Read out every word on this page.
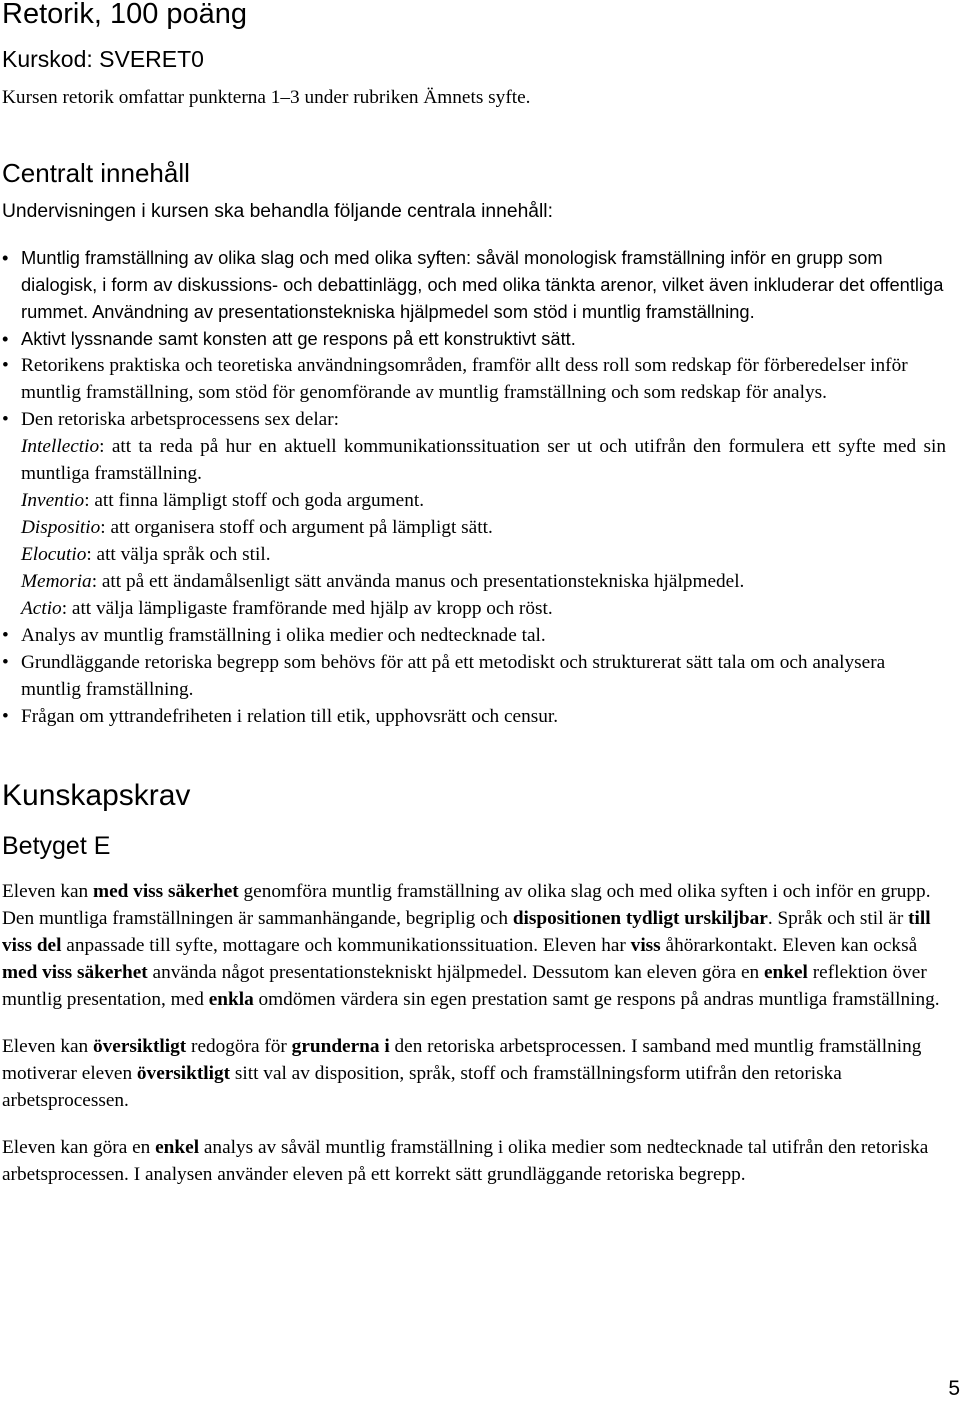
Retorik, 100 poäng
Kurskod: SVERET0

Kursen retorik omfattar punkterna 1–3 under rubriken Ämnets syfte.

Centralt innehåll

Undervisningen i kursen ska behandla följande centrala innehåll:

• Muntlig framställning av olika slag och med olika syften: såväl monologisk framställning inför en grupp som dialogisk, i form av diskussions- och debattinlägg, och med olika tänkta arenor, vilket även inkluderar det offentliga rummet. Användning av presentationstekniska hjälpmedel som stöd i muntlig framställning.
• Aktivt lyssnande samt konsten att ge respons på ett konstruktivt sätt.
• Retorikens praktiska och teoretiska användningsområden, framför allt dess roll som redskap för förberedelser inför muntlig framställning, som stöd för genomförande av muntlig framställning och som redskap för analys.
• Den retoriska arbetsprocessens sex delar:
Intellectio: att ta reda på hur en aktuell kommunikationssituation ser ut och utifrån den formulera ett syfte med sin muntliga framställning.
Inventio: att finna lämpligt stoff och goda argument.
Dispositio: att organisera stoff och argument på lämpligt sätt.
Elocutio: att välja språk och stil.
Memoria: att på ett ändamålsenligt sätt använda manus och presentationstekniska hjälpmedel.
Actio: att välja lämpligaste framförande med hjälp av kropp och röst.
• Analys av muntlig framställning i olika medier och nedtecknade tal.
• Grundläggande retoriska begrepp som behövs för att på ett metodiskt och strukturerat sätt tala om och analysera muntlig framställning.
• Frågan om yttrandefriheten i relation till etik, upphovsrätt och censur.
Kunskapskrav
Betyget E

Eleven kan med viss säkerhet genomföra muntlig framställning av olika slag och med olika syften i och inför en grupp. Den muntliga framställningen är sammanhängande, begriplig och dispositionen tydligt urskiljbar. Språk och stil är till viss del anpassade till syfte, mottagare och kommunikationssituation. Eleven har viss åhörarkontakt. Eleven kan också med viss säkerhet använda något presentationstekniskt hjälpmedel. Dessutom kan eleven göra en enkel reflektion över muntlig presentation, med enkla omdömen värdera sin egen prestation samt ge respons på andras muntliga framställning.

Eleven kan översiktligt redogöra för grunderna i den retoriska arbetsprocessen. I samband med muntlig framställning motiverar eleven översiktligt sitt val av disposition, språk, stoff och framställningsform utifrån den retoriska arbetsprocessen.

Eleven kan göra en enkel analys av såväl muntlig framställning i olika medier som nedtecknade tal utifrån den retoriska arbetsprocessen. I analysen använder eleven på ett korrekt sätt grundläggande retoriska begrepp.

5
